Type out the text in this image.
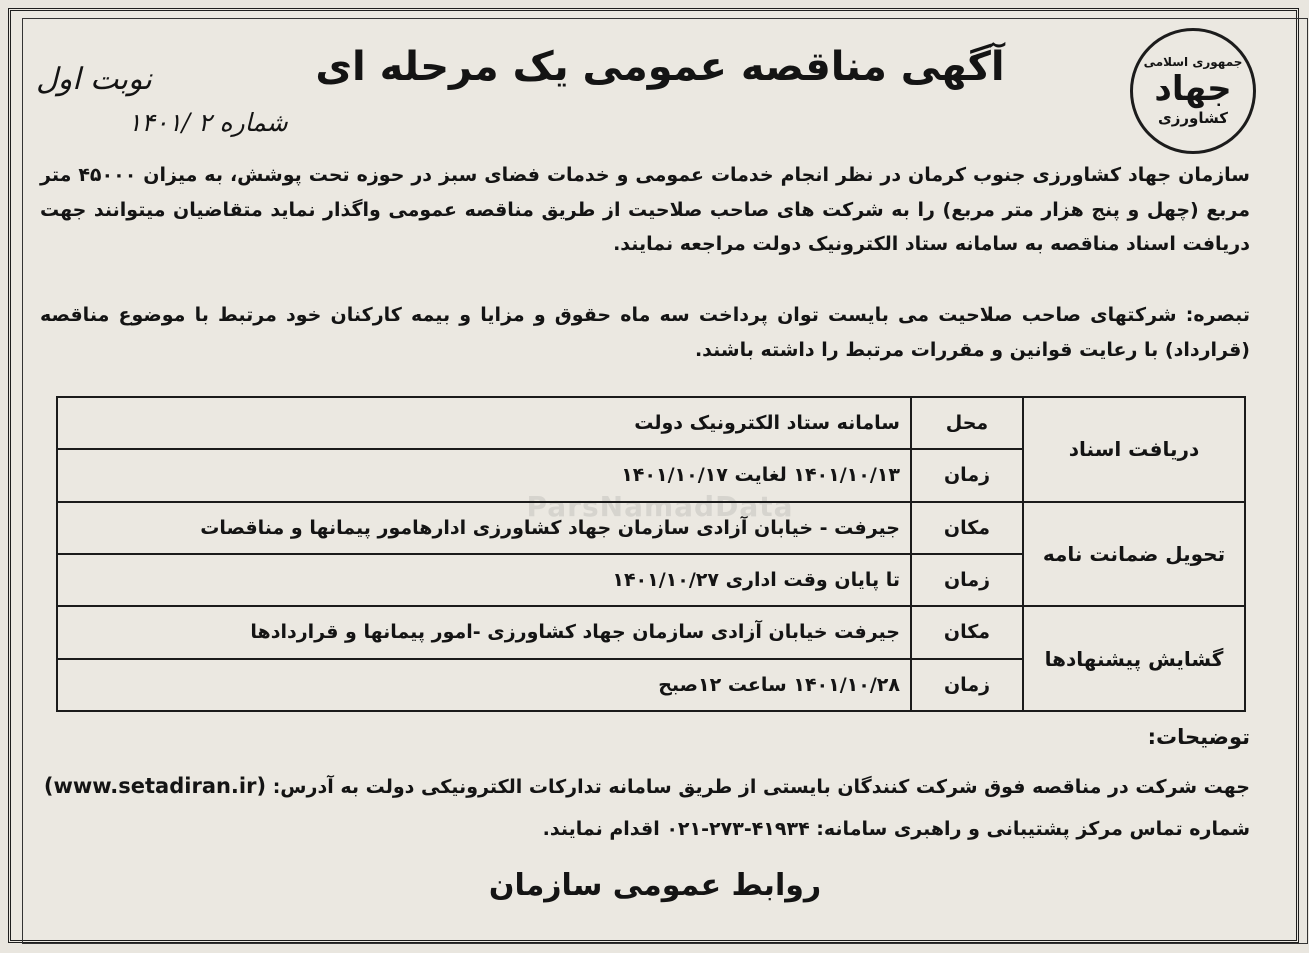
ParsNamadData
جمهوری اسلامی
جهاد
کشاورزی
آگهی مناقصه عمومی یک مرحله ای
نوبت اول
شماره ۲ /۱۴۰۱
سازمان جهاد کشاورزی جنوب کرمان در نظر انجام خدمات عمومی و خدمات فضای سبز در حوزه تحت پوشش، به میزان ۴۵۰۰۰ متر مربع (چهل و پنج هزار متر مربع) را به شرکت های صاحب صلاحیت از طریق مناقصه عمومی واگذار نماید متقاضیان میتوانند جهت دریافت اسناد مناقصه به سامانه ستاد الکترونیک دولت مراجعه نمایند.
تبصره: شرکتهای صاحب صلاحیت می بایست توان پرداخت سه ماه حقوق و مزایا و بیمه کارکنان خود مرتبط با موضوع مناقصه (قرارداد) با رعایت قوانین و مقررات مرتبط را داشته باشند.
دریافت اسناد	محل	سامانه ستاد الکترونیک دولت
	زمان	۱۴۰۱/۱۰/۱۳ لغایت ۱۴۰۱/۱۰/۱۷
تحویل ضمانت نامه	مکان	جیرفت - خیابان آزادی سازمان جهاد کشاورزی ادارهامور پیمانها و مناقصات
	زمان	تا پایان وقت اداری ۱۴۰۱/۱۰/۲۷
گشایش پیشنهادها	مکان	جیرفت خیابان آزادی سازمان جهاد کشاورزی -امور پیمانها و قراردادها
	زمان	۱۴۰۱/۱۰/۲۸ ساعت ۱۲صبح
توضیحات:
جهت شرکت در مناقصه فوق شرکت کنندگان بایستی از طریق سامانه تدارکات الکترونیکی دولت به آدرس: (www.setadiran.ir)
شماره تماس مرکز پشتیبانی و راهبری سامانه: ۴۱۹۳۴-۲۷۳-۰۲۱ اقدام نمایند.
روابط عمومی سازمان
